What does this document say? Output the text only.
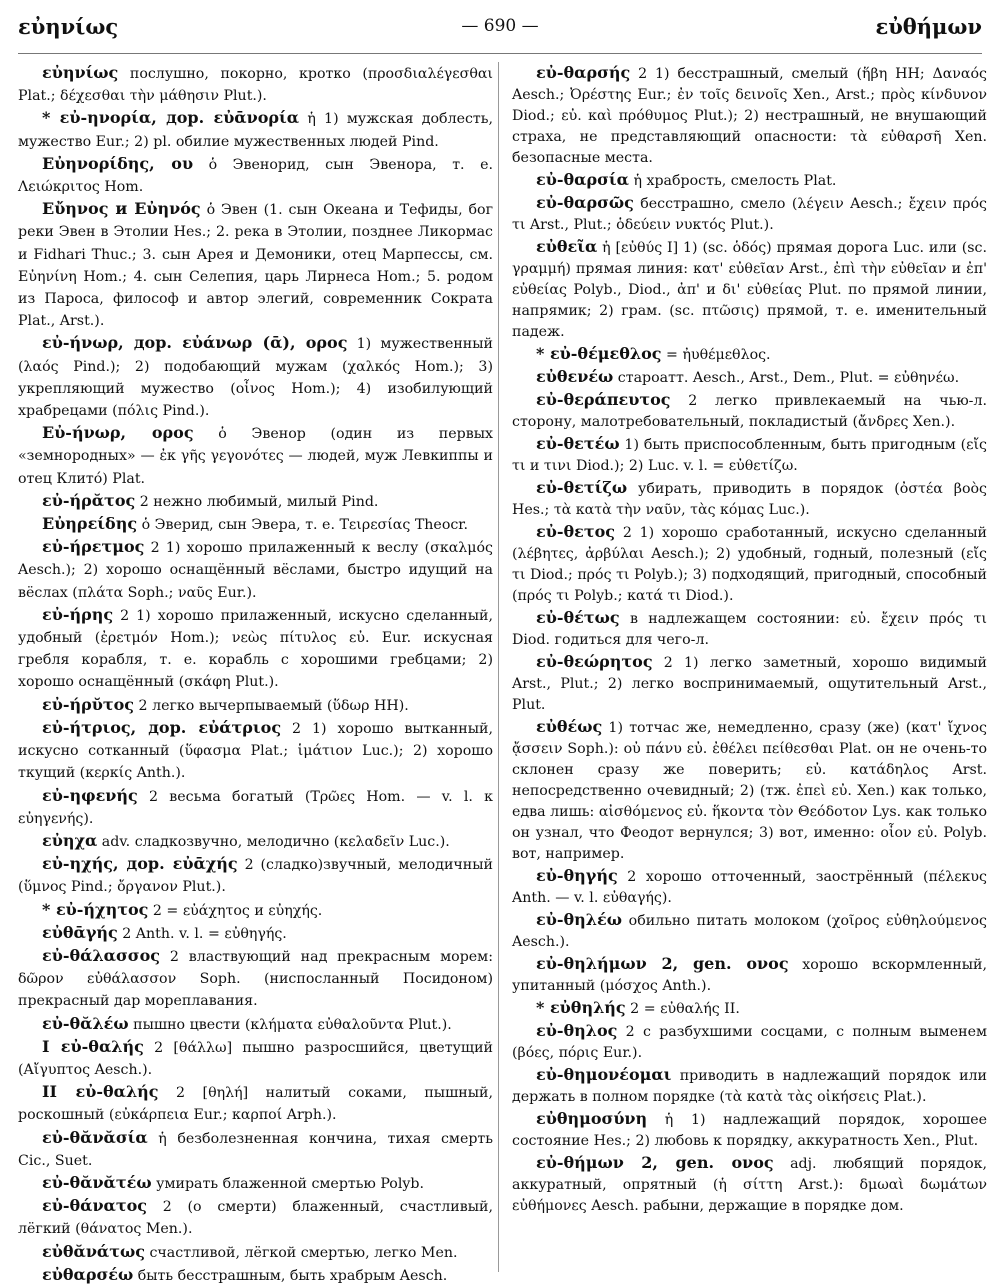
εὐηνίως	— 690 —	εὐθήμων

εὐηνίως послушно, покорно, кротко (προσδιαλέγεσθαι Plat.; δέχεσθαι τὴν μάθησιν Plut.).

* εὐ-ηνορία, дор. εὐᾱνορία ἡ 1) мужская доблесть, мужество Eur.; 2) pl. обилие мужественных людей Pind.

Εὐηνορίδης, ου ὁ Эвенорид, сын Эвенора, т. е. Λειώκριτος Hom.

Εὔηνος и Εὐηνός ὁ Эвен (1. сын Океана и Тефиды, бог реки Эвен в Этолии Hes.; 2. река в Этолии, позднее Ликормас и Fidhari Thuc.; 3. сын Арея и Демоники, отец Марпессы, см. Εὐηνίνη Hom.; 4. сын Селепия, царь Лирнеса Hom.; 5. родом из Пароса, философ и автор элегий, современник Сократа Plat., Arst.).

εὐ-ήνωρ, дор. εὐάνωρ (ᾱ), ορος 1) мужественный (λαός Pind.); 2) подобающий мужам (χαλκός Hom.); 3) укрепляющий мужество (οἶνος Hom.); 4) изобилующий храбрецами (πόλις Pind.).

Εὐ-ήνωρ, ορος ὁ Эвенор (один из первых «земнородных» — ἐκ γῆς γεγονότες — людей, муж Левкиппы и отец Клитó) Plat.

εὐ-ήρᾰτος 2 нежно любимый, милый Pind.

Εὐηρείδης ὁ Эверид, сын Эвера, т. е. Τειρεσίας Theocr.

εὐ-ήρετμος 2 1) хорошо прилаженный к веслу (σκαλμός Aesch.); 2) хорошо оснащённый вёслами, быстро идущий на вёслах (πλάτα Soph.; ναῦς Eur.).

εὐ-ήρης 2 1) хорошо прилаженный, искусно сделанный, удобный (ἐρετμόν Hom.); νεὼς πίτυλος εὐ. Eur. искусная гребля корабля, т. е. корабль с хорошими гребцами; 2) хорошо оснащённый (σκάφη Plut.).

εὐ-ήρῠτος 2 легко вычерпываемый (ὕδωρ HH).

εὐ-ήτριος, дор. εὐάτριος 2 1) хорошо вытканный, искусно сотканный (ὕφασμα Plat.; ἱμάτιον Luc.); 2) хорошо ткущий (κερκίς Anth.).

εὐ-ηφενής 2 весьма богатый (Τρῶες Hom. — v. l. κ εὐηγενής).

εὐηχα adv. сладкозвучно, мелодично (κελαδεῖν Luc.).

εὐ-ηχής, дор. εὐᾱχής 2 (сладко)звучный, мелодичный (ὕμνος Pind.; ὄργανον Plut.).

* εὐ-ήχητος 2 = εὐάχητος и εὐηχής.

εὐθᾱγής 2 Anth. v. l. = εὐθηγής.

εὐ-θάλασσος 2 властвующий над прекрасным морем: δῶρον εὐθάλασσον Soph. (ниспосланный Посидоном) прекрасный дар мореплавания.

εὐ-θᾰλέω пышно цвести (κλήματα εὐθαλοῦντα Plut.).

I εὐ-θαλής 2 [θάλλω] пышно разросшийся, цветущий (Αἴγυπτος Aesch.).

II εὐ-θαλής 2 [θηλή] налитый соками, пышный, роскошный (εὐκάρπεια Eur.; καρποί Arph.).

εὐ-θᾰνᾰσία ἡ безболезненная кончина, тихая смерть Cic., Suet.

εὐ-θᾰνᾰτέω умирать блаженной смертью Polyb.

εὐ-θάνατος 2 (о смерти) блаженный, счастливый, лёгкий (θάνατος Men.).

εὐθᾰνάτως счастливой, лёгкой смертью, легко Men.

εὐθαρσέω быть бесстрашным, быть храбрым Aesch.

εὐ-θαρσής 2 1) бесстрашный, смелый (ἥβη HH; Δαναός Aesch.; Ὀρέστης Eur.; ἐν τοῖς δεινοῖς Xen., Arst.; πρὸς κίνδυνον Diod.; εὐ. καὶ πρόθυμος Plut.); 2) нестрашный, не внушающий страха, не представляющий опасности: τὰ εὐθαρσῆ Xen. безопасные места.

εὐ-θαρσία ἡ храбрость, смелость Plat.

εὐ-θαρσῶς бесстрашно, смело (λέγειν Aesch.; ἔχειν πρός τι Arst., Plut.; ὁδεύειν νυκτός Plut.).

εὐθεῖα ἡ [εὐθύς I] 1) (sc. ὁδός) прямая дорога Luc. или (sc. γραμμή) прямая линия: κατ' εὐθεῖαν Arst., ἐπὶ τὴν εὐθεῖαν и ἐπ' εὐθείας Polyb., Diod., ἀπ' и δι' εὐθείας Plut. по прямой линии, напрямик; 2) грам. (sc. πτῶσις) прямой, т. е. именительный падеж.

* εὐ-θέμεθλος = ἠυθέμεθλος.

εὐθενέω староатт. Aesch., Arst., Dem., Plut. = εὐθηνέω.

εὐ-θεράπευτος 2 легко привлекаемый на чью-л. сторону, малотребовательный, покладистый (ἄνδρες Xen.).

εὐ-θετέω 1) быть приспособленным, быть пригодным (εἴς τι и τινι Diod.); 2) Luc. v. l. = εὐθετίζω.

εὐ-θετίζω убирать, приводить в порядок (ὀστέα βοὸς Hes.; τὰ κατὰ τὴν ναῦν, τὰς κόμας Luc.).

εὐ-θετος 2 1) хорошо сработанный, искусно сделанный (λέβητες, ἀρβύλαι Aesch.); 2) удобный, годный, полезный (εἴς τι Diod.; πρός τι Polyb.); 3) подходящий, пригодный, способный (πρός τι Polyb.; κατά τι Diod.).

εὐ-θέτως в надлежащем состоянии: εὐ. ἔχειν πρός τι Diod. годиться для чего-л.

εὐ-θεώρητος 2 1) легко заметный, хорошо видимый Arst., Plut.; 2) легко воспринимаемый, ощутительный Arst., Plut.

εὐθέως 1) тотчас же, немедленно, сразу (же) (κατ' ἴχνος ᾄσσειν Soph.): οὐ πάνυ εὐ. ἐθέλει πείθεσθαι Plat. он не очень-то склонен сразу же поверить; εὐ. κατάδηλος Arst. непосредственно очевидный; 2) (тж. ἐπεὶ εὐ. Xen.) как только, едва лишь: αἰσθόμενος εὐ. ἥκοντα τὸν Θεόδοτον Lys. как только он узнал, что Феодот вернулся; 3) вот, именно: οἷον εὐ. Polyb. вот, например.

εὐ-θηγής 2 хорошо отточенный, заострённый (πέλεκυς Anth. — v. l. εὐθαγής).

εὐ-θηλέω обильно питать молоком (χοῖρος εὐθηλούμενος Aesch.).

εὐ-θηλήμων 2, gen. ονος хорошо вскормленный, упитанный (μόσχος Anth.).

* εὐθηλής 2 = εὐθαλής II.

εὐ-θηλος 2 с разбухшими сосцами, с полным выменем (βόες, πόρις Eur.).

εὐ-θημονέομαι приводить в надлежащий порядок или держать в полном порядке (τὰ κατὰ τὰς οἰκήσεις Plat.).

εὐθημοσύνη ἡ 1) надлежащий порядок, хорошее состояние Hes.; 2) любовь к порядку, аккуратность Xen., Plut.

εὐ-θήμων 2, gen. ονος adj. любящий порядок, аккуратный, опрятный (ἡ σίττη Arst.): δμωαὶ δωμάτων εὐθήμονες Aesch. рабыни, держащие в порядке дом.
